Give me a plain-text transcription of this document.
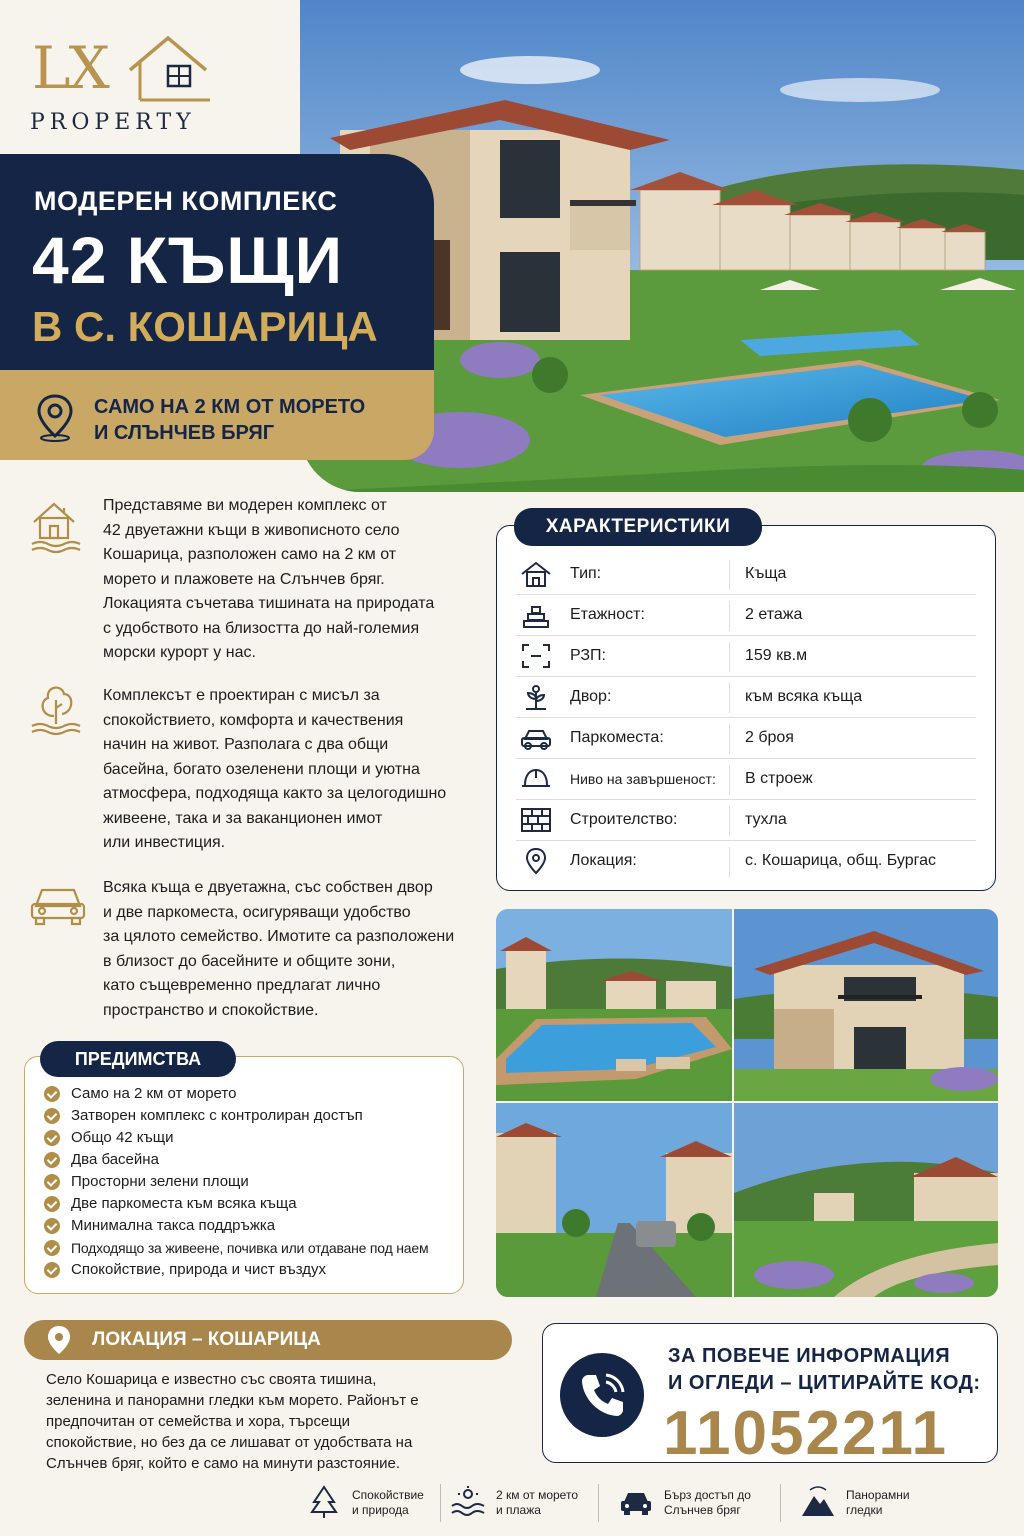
LX
PROPERTY
МОДЕРЕН КОМПЛЕКС
42 КЪЩИ
В С. КОШАРИЦА
САМО НА 2 КМ ОТ МОРЕТО
И СЛЪНЧЕВ БРЯГ
Представяме ви модерен комплекс от
42 двуетажни къщи в живописното село
Кошарица, разположен само на 2 км от
морето и плажовете на Слънчев бряг.
Локацията съчетава тишината на природата
с удобството на близостта до най-големия
морски курорт у нас.
Комплексът е проектиран с мисъл за
спокойствието, комфорта и качествения
начин на живот. Разполага с два общи
басейна, богато озеленени площи и уютна
атмосфера, подходяща както за целогодишно
живеене, така и за ваканционен имот
или инвестиция.
Всяка къща е двуетажна, със собствен двор
и две паркоместа, осигуряващи удобство
за цялото семейство. Имотите са разположени
в близост до басейните и общите зони,
като същевременно предлагат лично
пространство и спокойствие.
ХАРАКТЕРИСТИКИ
Тип:	Къща
Етажност:	2 етажа
РЗП:	159 кв.м
Двор:	към всяка къща
Паркоместа:	2 броя
Ниво на завършеност: В строеж
Строителство:	тухла
Локация:	с. Кошарица, общ. Бургас
ПРЕДИМСТВА
Само на 2 км от морето
Затворен комплекс с контролиран достъп
Общо 42 къщи
Два басейна
Просторни зелени площи
Две паркоместа към всяка къща
Минимална такса поддръжка
Подходящо за живеене, почивка или отдаване под наем
Спокойствие, природа и чист въздух
ЛОКАЦИЯ – КОШАРИЦА
Село Кошарица е известно със своята тишина, зеленина и панорамни гледки към морето. Районът е предпочитан от семейства и хора, търсещи спокойствие, но без да се лишават от удобствата на Слънчев бряг, който е само на минути разстояние.
ЗА ПОВЕЧЕ ИНФОРМАЦИЯ
И ОГЛЕДИ – ЦИТИРАЙТЕ КОД:
11052211
Спокойствие
и природа
2 км от морето
и плажа
Бърз достъп до
Слънчев бряг
Панорамни
гледки
